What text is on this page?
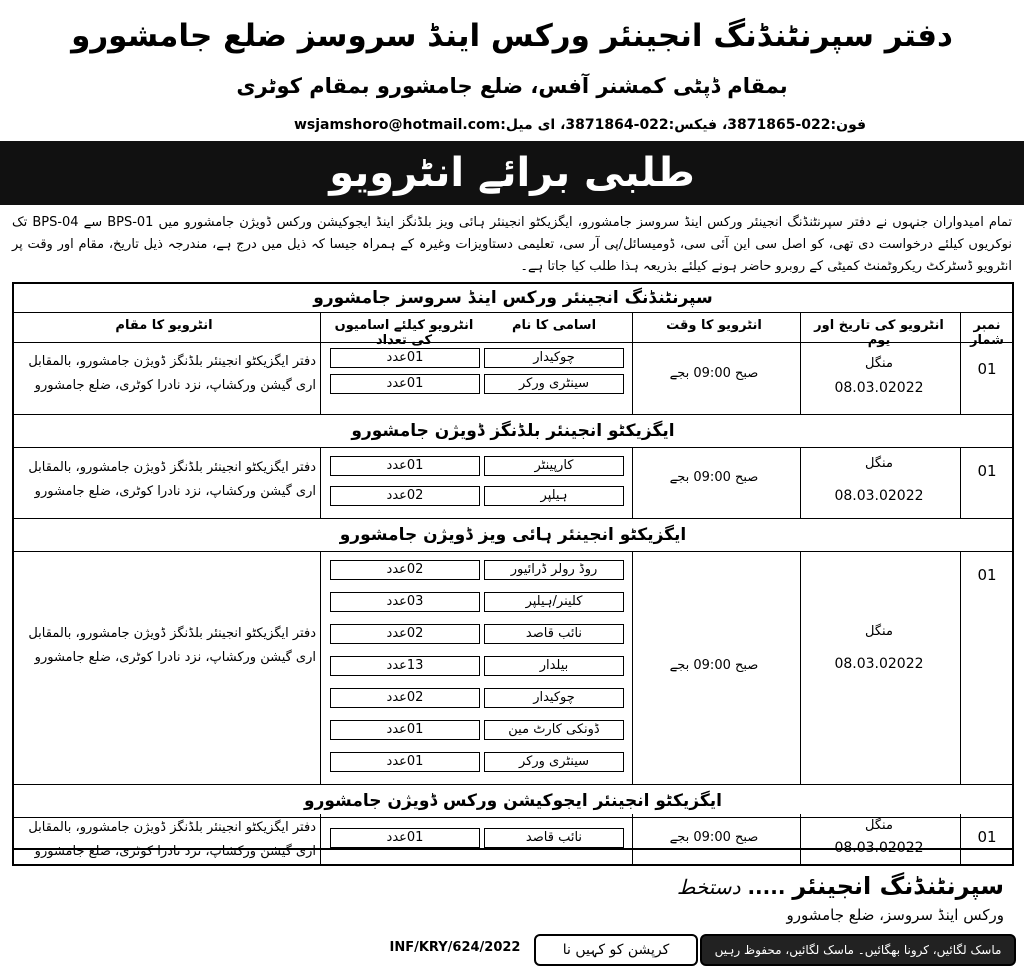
دفتر سپرنٹنڈنگ انجینئر ورکس اینڈ سروسز ضلع جامشورو
بمقام ڈپٹی کمشنر آفس، ضلع جامشورو بمقام کوٹری
فون:022-3871865، فیکس:022-3871864، ای میل:wsjamshoro@hotmail.com
طلبی برائے انٹرویو
تمام امیدواران جنہوں نے دفتر سپرنٹنڈنگ انجینئر ورکس اینڈ سروسز جامشورو، ایگزیکٹو انجینئر ہائی ویز بلڈنگز اینڈ ایجوکیشن ورکس ڈویژن جامشورو میں BPS-01 سے BPS-04 تک نوکریوں کیلئے درخواست دی تھی، کو اصل سی این آئی سی، ڈومیسائل/پی آر سی، تعلیمی دستاویزات وغیرہ کے ہمراہ جیسا کہ ذیل میں درج ہے، مندرجہ ذیل تاریخ، مقام اور وقت پر انٹرویو ڈسٹرکٹ ریکروٹمنٹ کمیٹی کے روبرو حاضر ہونے کیلئے بذریعہ ہذا طلب کیا جاتا ہے۔
سپرنٹنڈنگ انجینئر ورکس اینڈ سروسز جامشورو
نمبر شمار
انٹرویو کی تاریخ اور یوم
انٹرویو کا وقت
اسامی کا نام
انٹرویو کیلئے اسامیوں کی تعداد
انٹرویو کا مقام
01
منگل
08.03.02022
صبح 09:00 بجے
چوکیدار
سینٹری ورکر
01عدد
01عدد
دفتر ایگزیکٹو انجینئر بلڈنگز ڈویژن جامشورو، بالمقابل اری گیشن ورکشاپ، نزد نادرا کوٹری، ضلع جامشورو
ایگزیکٹو انجینئر بلڈنگز ڈویژن جامشورو
01
منگل
08.03.02022
صبح 09:00 بجے
کارپینٹر
ہیلپر
01عدد
02عدد
دفتر ایگزیکٹو انجینئر بلڈنگز ڈویژن جامشورو، بالمقابل اری گیشن ورکشاپ، نزد نادرا کوٹری، ضلع جامشورو
ایگزیکٹو انجینئر ہائی ویز ڈویژن جامشورو
01
منگل
08.03.02022
صبح 09:00 بجے
روڈ رولر ڈرائیور
کلینر/ہیلپر
نائب قاصد
بیلدار
چوکیدار
ڈونکی کارٹ مین
سینٹری ورکر
02عدد
03عدد
02عدد
13عدد
02عدد
01عدد
01عدد
دفتر ایگزیکٹو انجینئر بلڈنگز ڈویژن جامشورو، بالمقابل اری گیشن ورکشاپ، نزد نادرا کوٹری، ضلع جامشورو
ایگزیکٹو انجینئر ایجوکیشن ورکس ڈویژن جامشورو
01
منگل
08.03.02022
صبح 09:00 بجے
نائب قاصد
01عدد
دفتر ایگزیکٹو انجینئر بلڈنگز ڈویژن جامشورو، بالمقابل اری گیشن ورکشاپ، نزد نادرا کوٹری، ضلع جامشورو
سپرنٹنڈنگ انجینئر ..... دستخط
ورکس اینڈ سروسز، ضلع جامشورو
ماسک لگائیں، کرونا بھگائیں۔ ماسک لگائیں، محفوظ رہیں
کرپشن کو کہیں نا
INF/KRY/624/2022
